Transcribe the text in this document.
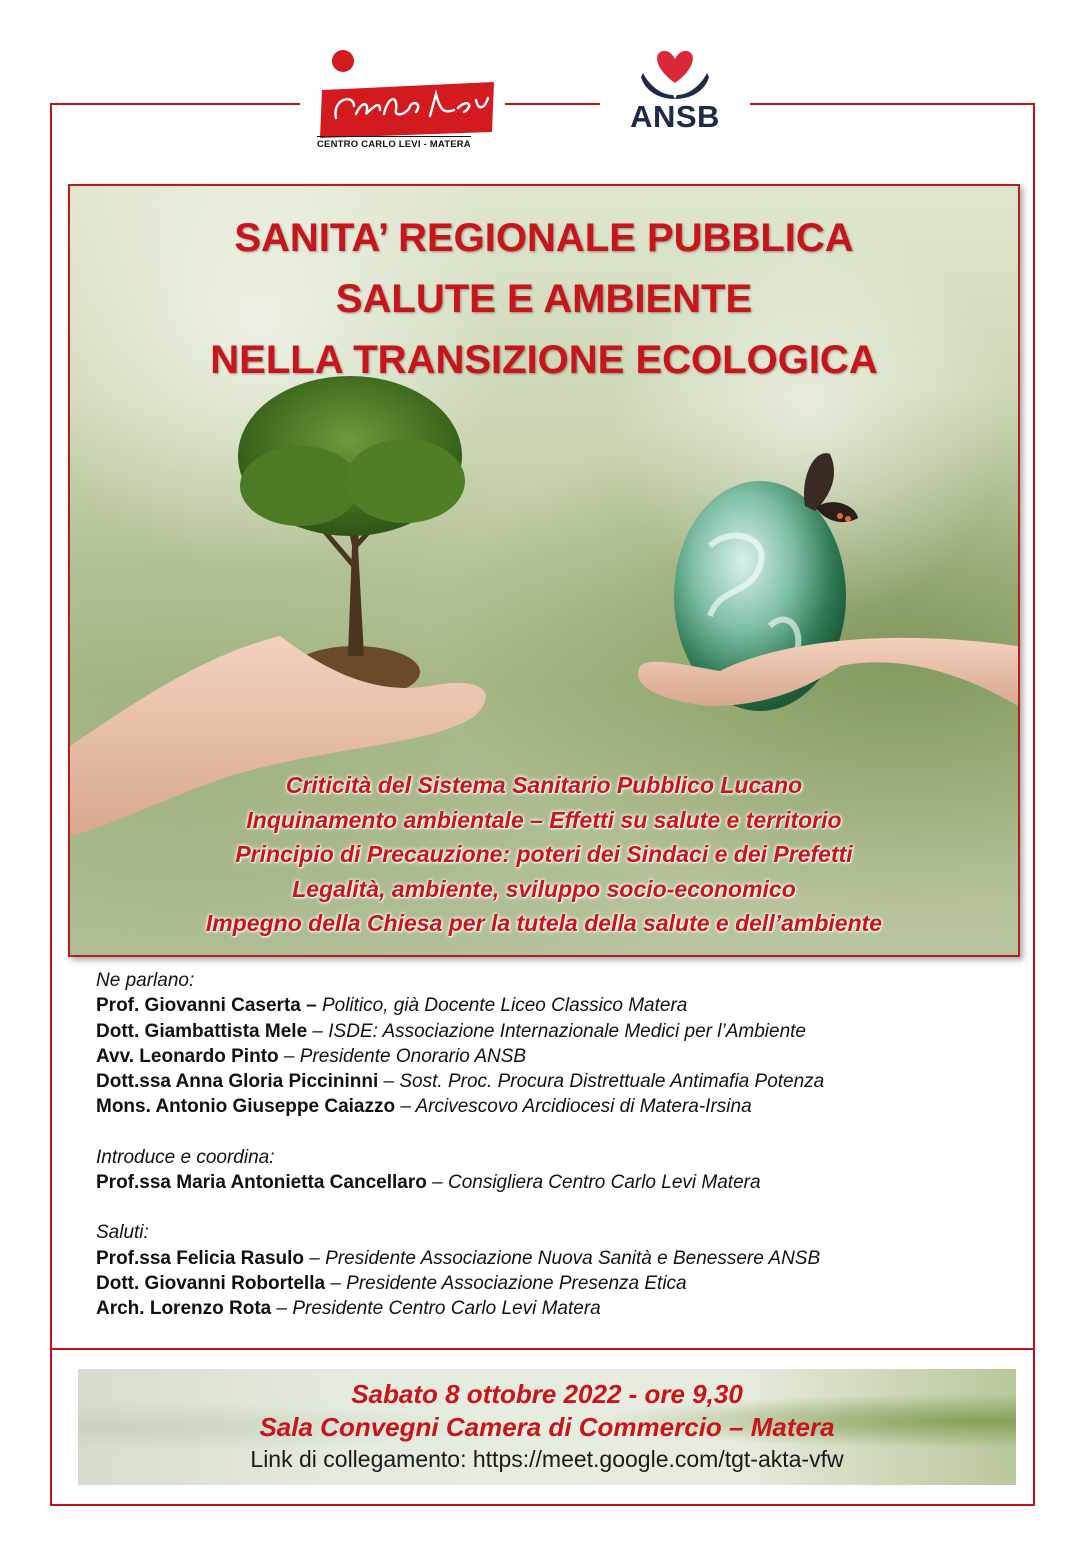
CENTRO CARLO LEVI - MATERA
ANSB
SANITA’ REGIONALE PUBBLICA
SALUTE E AMBIENTE
NELLA TRANSIZIONE ECOLOGICA
Criticità del Sistema Sanitario Pubblico Lucano
Inquinamento ambientale – Effetti su salute e territorio
Principio di Precauzione: poteri dei Sindaci e dei Prefetti
Legalità, ambiente, sviluppo socio-economico
Impegno della Chiesa per la tutela della salute e dell’ambiente
Ne parlano:
Prof. Giovanni Caserta – Politico, già Docente Liceo Classico Matera
Dott. Giambattista Mele – ISDE: Associazione Internazionale Medici per l’Ambiente
Avv. Leonardo Pinto – Presidente Onorario ANSB
Dott.ssa Anna Gloria Piccininni – Sost. Proc. Procura Distrettuale Antimafia Potenza
Mons. Antonio Giuseppe Caiazzo – Arcivescovo Arcidiocesi di Matera-Irsina
Introduce e coordina:
Prof.ssa Maria Antonietta Cancellaro – Consigliera Centro Carlo Levi Matera
Saluti:
Prof.ssa Felicia Rasulo – Presidente Associazione Nuova Sanità e Benessere ANSB
Dott. Giovanni Robortella – Presidente Associazione Presenza Etica
Arch. Lorenzo Rota – Presidente Centro Carlo Levi Matera
Sabato 8 ottobre 2022 - ore 9,30
Sala Convegni Camera di Commercio – Matera
Link di collegamento: https://meet.google.com/tgt-akta-vfw
